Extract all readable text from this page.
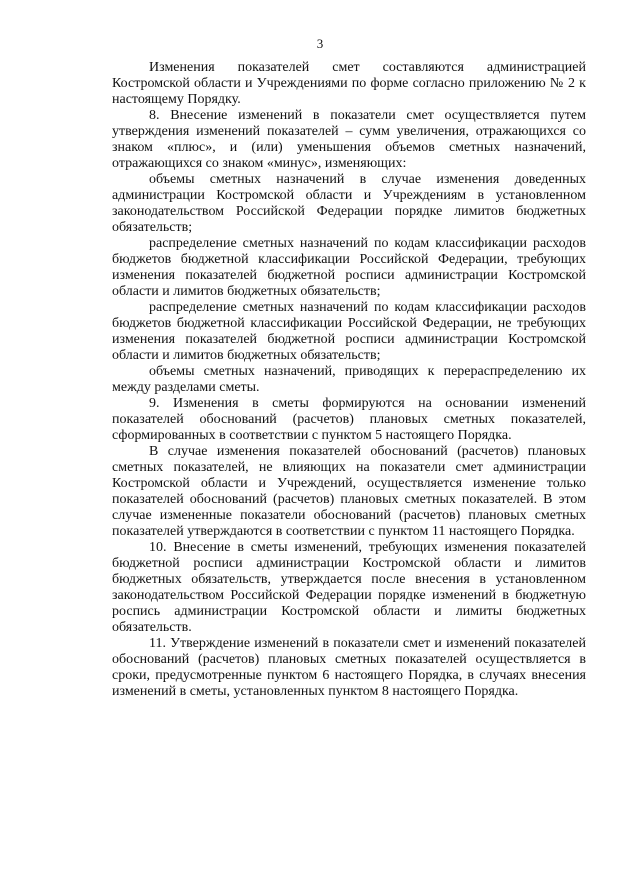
3

Изменения показателей смет составляются администрацией Костромской области и Учреждениями по форме согласно приложению № 2 к настоящему Порядку.

8. Внесение изменений в показатели смет осуществляется путем утверждения изменений показателей – сумм увеличения, отражающихся со знаком «плюс», и (или) уменьшения объемов сметных назначений, отражающихся со знаком «минус», изменяющих:

объемы сметных назначений в случае изменения доведенных администрации Костромской области и Учреждениям в установленном законодательством Российской Федерации порядке лимитов бюджетных обязательств;

распределение сметных назначений по кодам классификации расходов бюджетов бюджетной классификации Российской Федерации, требующих изменения показателей бюджетной росписи администрации Костромской области и лимитов бюджетных обязательств;

распределение сметных назначений по кодам классификации расходов бюджетов бюджетной классификации Российской Федерации, не требующих изменения показателей бюджетной росписи администрации Костромской области и лимитов бюджетных обязательств;

объемы сметных назначений, приводящих к перераспределению их между разделами сметы.

9. Изменения в сметы формируются на основании изменений показателей обоснований (расчетов) плановых сметных показателей, сформированных в соответствии с пунктом 5 настоящего Порядка.

В случае изменения показателей обоснований (расчетов) плановых сметных показателей, не влияющих на показатели смет администрации Костромской области и Учреждений, осуществляется изменение только показателей обоснований (расчетов) плановых сметных показателей. В этом случае измененные показатели обоснований (расчетов) плановых сметных показателей утверждаются в соответствии с пунктом 11 настоящего Порядка.

10. Внесение в сметы изменений, требующих изменения показателей бюджетной росписи администрации Костромской области и лимитов бюджетных обязательств, утверждается после внесения в установленном законодательством Российской Федерации порядке изменений в бюджетную роспись администрации Костромской области и лимиты бюджетных обязательств.

11. Утверждение изменений в показатели смет и изменений показателей обоснований (расчетов) плановых сметных показателей осуществляется в сроки, предусмотренные пунктом 6 настоящего Порядка, в случаях внесения изменений в сметы, установленных пунктом 8 настоящего Порядка.
